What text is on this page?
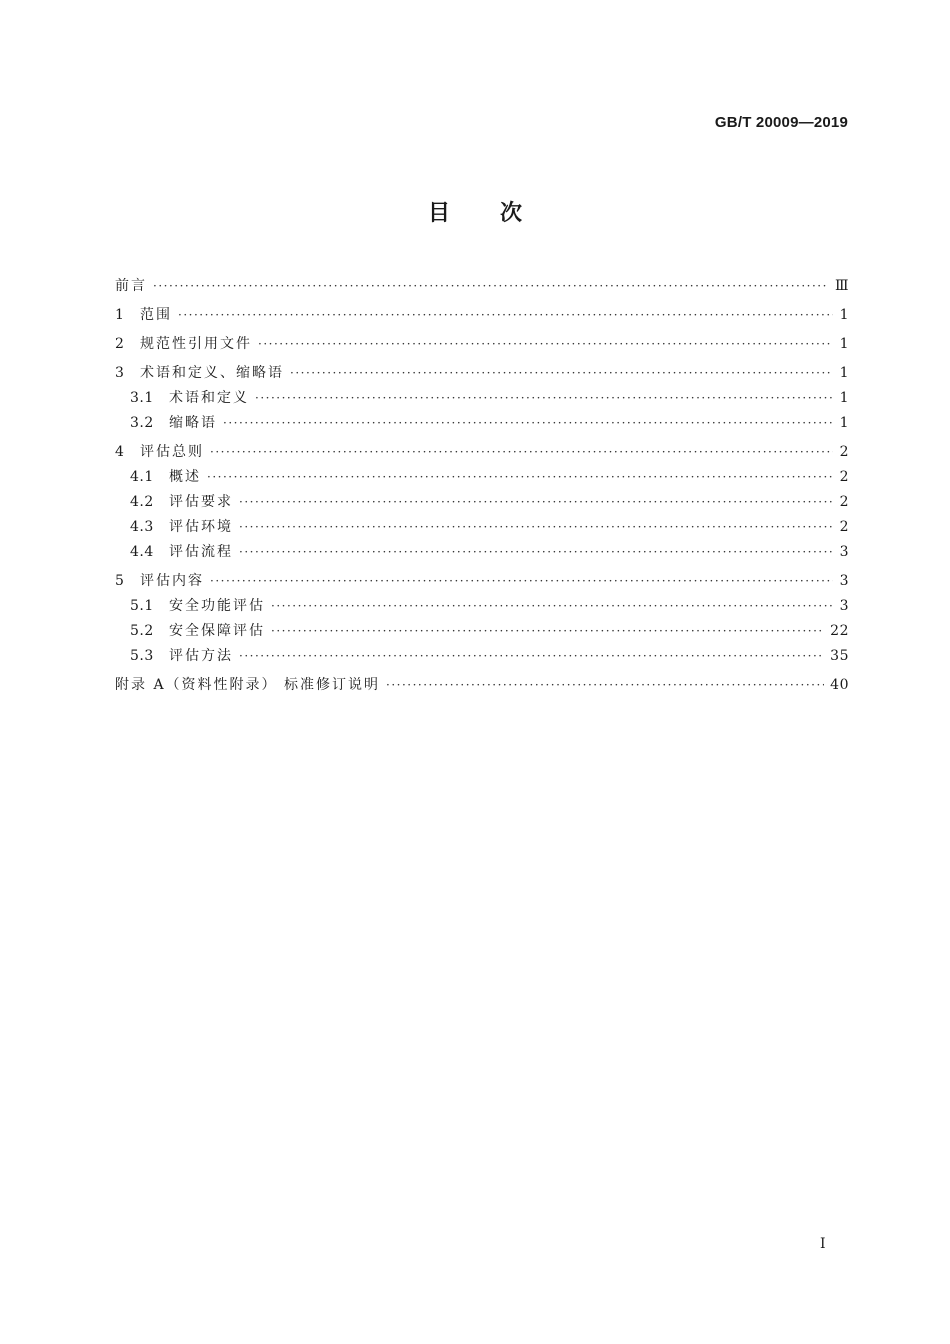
GB/T 20009—2019
目 次
前言 ·····	Ⅲ
1	范围 ·····	1
2	规范性引用文件 ·····	1
3	术语和定义、缩略语 ·····	1
3.1	术语和定义 ·····	1
3.2	缩略语 ·····	1
4	评估总则 ·····	2
4.1	概述 ·····	2
4.2	评估要求 ·····	2
4.3	评估环境 ·····	2
4.4	评估流程 ·····	3
5	评估内容 ·····	3
5.1	安全功能评估 ·····	3
5.2	安全保障评估 ·····	22
5.3	评估方法 ·····	35
附录 A（资料性附录） 标准修订说明 ·····	40
I
